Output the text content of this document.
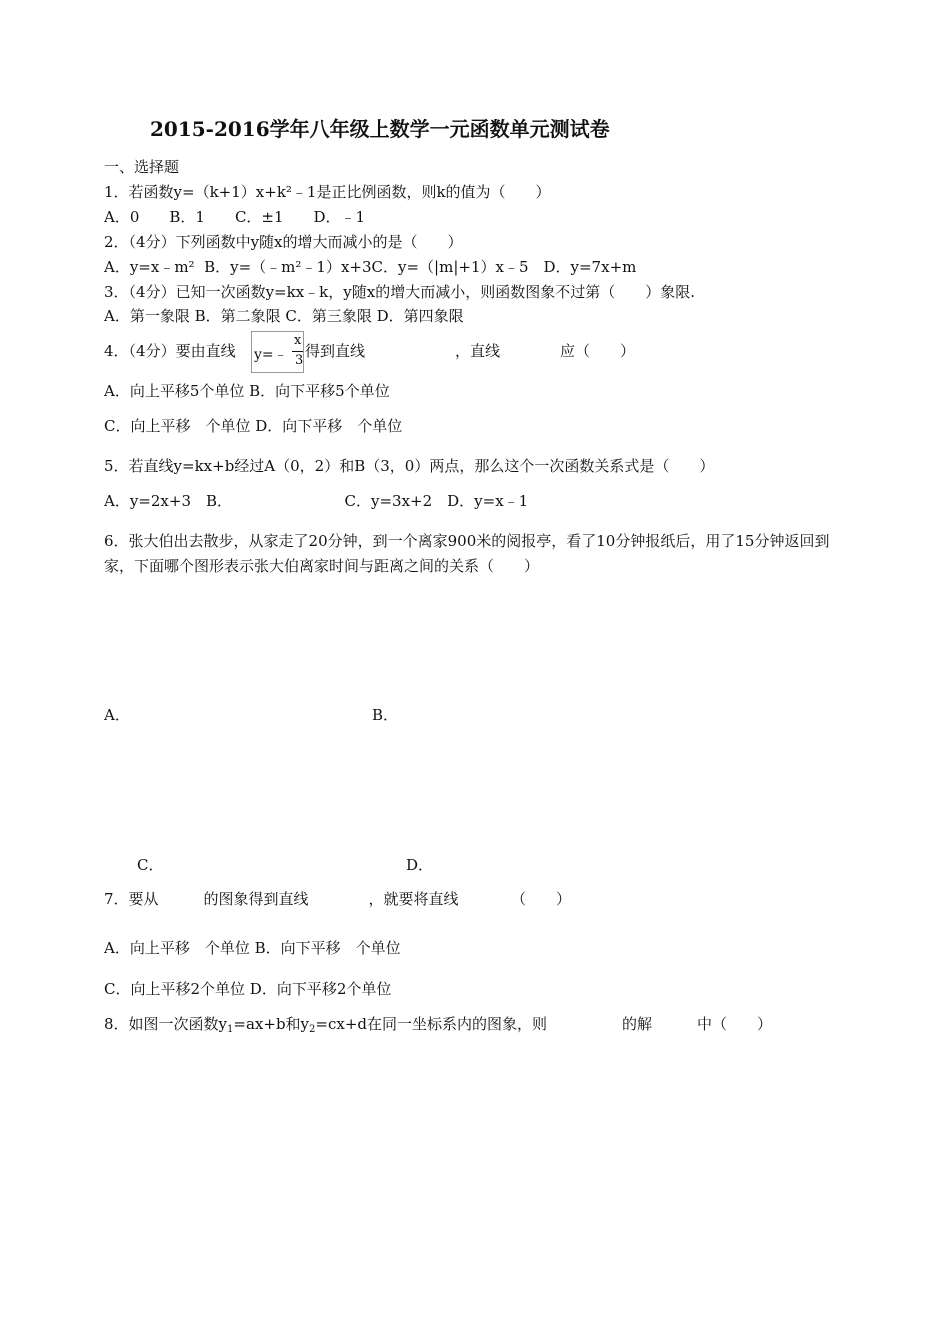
2015-2016学年八年级上数学一元函数单元测试卷
一、选择题
1．若函数y=（k+1）x+k²﹣1是正比例函数，则k的值为（　　）
A．0　　B．1　　C．±1　　D．﹣1
2．（4分）下列函数中y随x的增大而减小的是（　　）
A．y=x﹣m²  B．y=（﹣m²﹣1）x+3C．y=（|m|+1）x﹣5　D．y=7x+m
3．（4分）已知一次函数y=kx﹣k，y随x的增大而减小，则函数图象不过第（　　）象限.
A．第一象限 B．第二象限 C．第三象限 D．第四象限
4．（4分）要由直线 y=﹣
x
3
得到直线　　　　　　，直线　　　　应（　　）
A．向上平移5个单位 B．向下平移5个单位
C．向上平移　个单位 D．向下平移　个单位
5．若直线y=kx+b经过A（0，2）和B（3，0）两点，那么这个一次函数关系式是（　　）
A．y=2x+3　B．　　　　　　　　C．y=3x+2　D．y=x﹣1
6．张大伯出去散步，从家走了20分钟，到一个离家900米的阅报亭，看了10分钟报纸后，用了15分钟返回到家，下面哪个图形表示张大伯离家时间与距离之间的关系（　　）
A．	B．
C．	D．
7．要从　　　的图象得到直线　　　　，就要将直线　　　　（　　）
A．向上平移　个单位 B．向下平移　个单位
C．向上平移2个单位 D．向下平移2个单位
8．如图一次函数$y_1=ax+b$和$y_2=cx+d$在同一坐标系内的图象，则　　　　　的解　　　中（　　）
